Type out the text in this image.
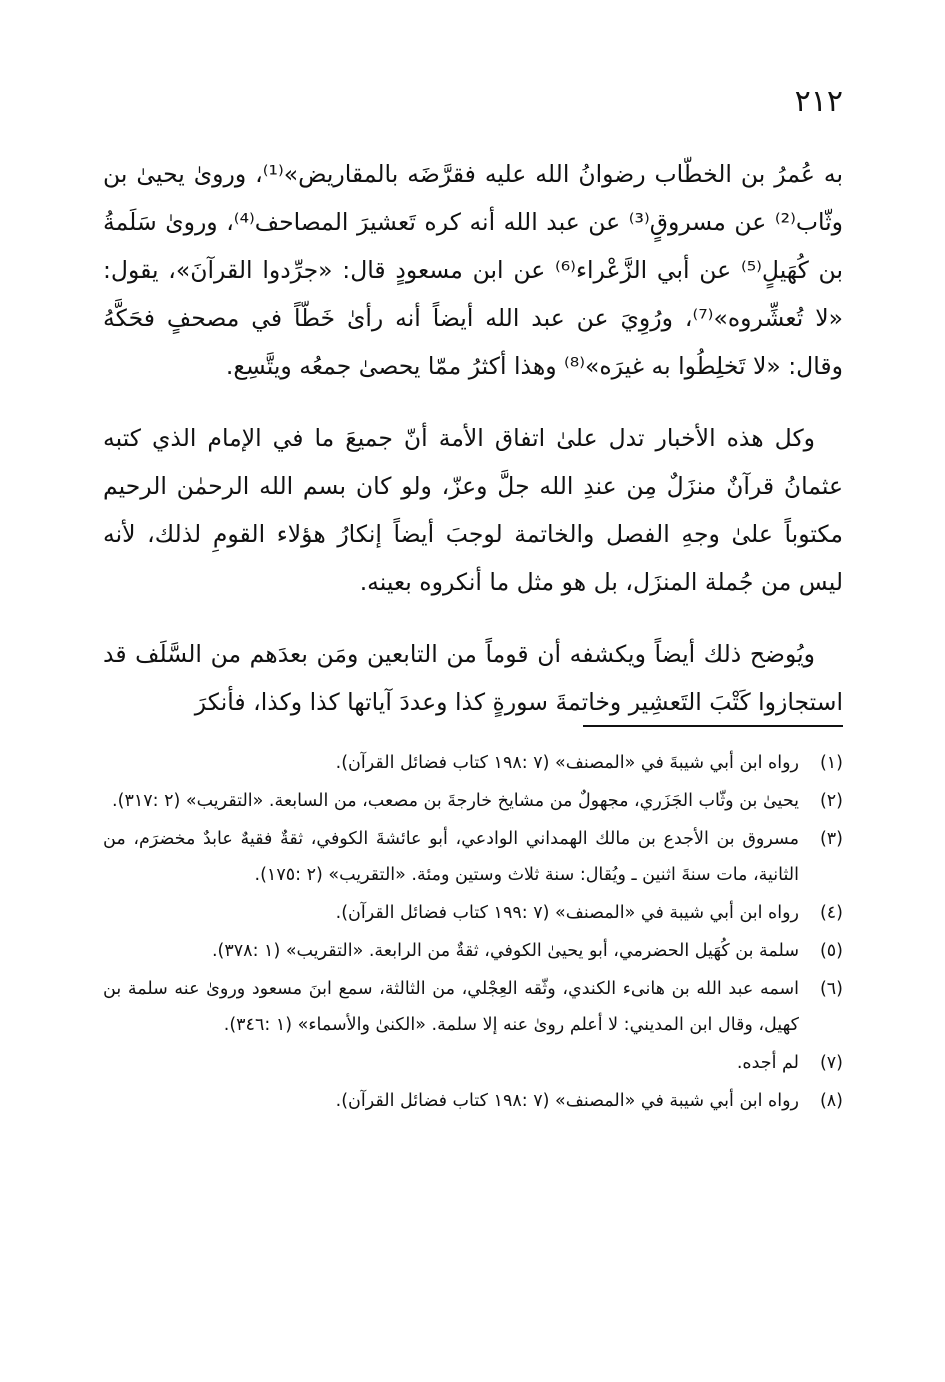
٢١٢

به عُمرُ بن الخطّاب رضوانُ الله عليه فقرَّضَه بالمقاريض»⁽¹⁾، وروىٰ يحيىٰ بن وثّاب⁽²⁾ عن مسروقٍ⁽³⁾ عن عبد الله أنه كره تَعشيرَ المصاحف⁽⁴⁾، وروىٰ سَلَمةُ بن كُهَيلٍ⁽⁵⁾ عن أبي الزَّعْراء⁽⁶⁾ عن ابن مسعودٍ قال: «جرِّدوا القرآنَ»، يقول: «لا تُعشِّروه»⁽⁷⁾، ورُوِيَ عن عبد الله أيضاً أنه رأىٰ خَطّاً في مصحفٍ فحَكَّهُ وقال: «لا تَخلِطُوا به غيرَه»⁽⁸⁾ وهذا أكثرُ ممّا يحصىٰ جمعُه ويتَّسِع.

وكل هذه الأخبار تدل علىٰ اتفاق الأمة أنّ جميعَ ما في الإمام الذي كتبه عثمانُ قرآنٌ منزَلٌ مِن عندِ الله جلَّ وعزّ، ولو كان بسم الله الرحمٰن الرحيم مكتوباً علىٰ وجهِ الفصل والخاتمة لوجبَ أيضاً إنكارُ هؤلاء القومِ لذلك، لأنه ليس من جُملة المنزَل، بل هو مثل ما أنكروه بعينه.

ويُوضح ذلك أيضاً ويكشفه أن قوماً من التابعين ومَن بعدَهم من السَّلَف قد استجازوا كَتْبَ التَعشِير وخاتمةَ سورةٍ كذا وعددَ آياتها كذا وكذا، فأنكرَ

(١)
رواه ابن أبي شيبةَ في «المصنف» (٧ :١٩٨ كتاب فضائل القرآن).
(٢)
يحيىٰ بن وثّاب الجَزَري، مجهولٌ من مشايخ خارجةَ بن مصعب، من السابعة. «التقريب» (٢ :٣١٧).
(٣)
مسروق بن الأجدع بن مالك الهمداني الوادعي، أبو عائشةَ الكوفي، ثقةٌ فقيهٌ عابدٌ مخضرَم، من الثانية، مات سنةَ اثنين ـ ويُقال: سنة ثلاث وستين ومئة. «التقريب» (٢ :١٧٥).
(٤)
رواه ابن أبي شيبة في «المصنف» (٧ :١٩٩ كتاب فضائل القرآن).
(٥)
سلمة بن كُهَيل الحضرمي، أبو يحيىٰ الكوفي، ثقةٌ من الرابعة. «التقريب» (١ :٣٧٨).
(٦)
اسمه عبد الله بن هانىء الكندي، وثّقه العِجْلي، من الثالثة، سمع ابنَ مسعود وروىٰ عنه سلمة بن كهيل، وقال ابن المديني: لا أعلم روىٰ عنه إلا سلمة. «الكنىٰ والأسماء» (١ :٣٤٦).
(٧)
لم أجده.
(٨)
رواه ابن أبي شيبة في «المصنف» (٧ :١٩٨ كتاب فضائل القرآن).
